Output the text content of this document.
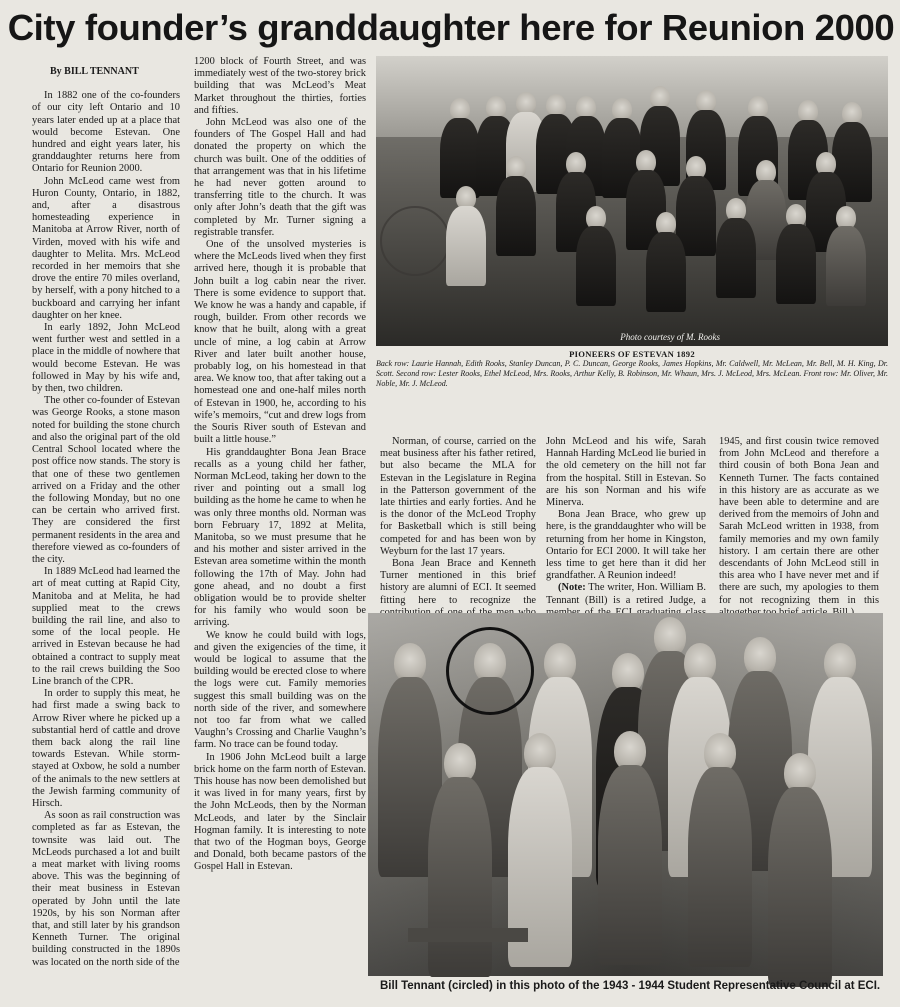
City founder’s granddaughter here for Reunion 2000

By BILL TENNANT

In 1882 one of the co-founders of our city left Ontario and 10 years later ended up at a place that would become Estevan. One hundred and eight years later, his granddaughter returns here from Ontario for Reunion 2000.

John McLeod came west from Huron County, Ontario, in 1882, and, after a disastrous homesteading experience in Manitoba at Arrow River, north of Virden, moved with his wife and daughter to Melita. Mrs. McLeod recorded in her memoirs that she drove the entire 70 miles overland, by herself, with a pony hitched to a buckboard and carrying her infant daughter on her knee.

In early 1892, John McLeod went further west and settled in a place in the middle of nowhere that would become Estevan. He was followed in May by his wife and, by then, two children.

The other co-founder of Estevan was George Rooks, a stone mason noted for building the stone church and also the original part of the old Central School located where the post office now stands. The story is that one of these two gentlemen arrived on a Friday and the other the following Monday, but no one can be certain who arrived first. They are considered the first permanent residents in the area and therefore viewed as co-founders of the city.

In 1889 McLeod had learned the art of meat cutting at Rapid City, Manitoba and at Melita, he had supplied meat to the crews building the rail line, and also to some of the local people. He arrived in Estevan because he had obtained a contract to supply meat to the rail crews building the Soo Line branch of the CPR.

In order to supply this meat, he had first made a swing back to Arrow River where he picked up a substantial herd of cattle and drove them back along the rail line towards Estevan. While storm-stayed at Oxbow, he sold a number of the animals to the new settlers at the Jewish farming community of Hirsch.

As soon as rail construction was completed as far as Estevan, the townsite was laid out. The McLeods purchased a lot and built a meat market with living rooms above. This was the beginning of their meat business in Estevan operated by John until the late 1920s, by his son Norman after that, and still later by his grandson Kenneth Turner. The original building constructed in the 1890s was located on the north side of the

1200 block of Fourth Street, and was immediately west of the two-storey brick building that was McLeod’s Meat Market throughout the thirties, forties and fifties.

John McLeod was also one of the founders of The Gospel Hall and had donated the property on which the church was built. One of the oddities of that arrangement was that in his lifetime he had never gotten around to transferring title to the church. It was only after John’s death that the gift was completed by Mr. Turner signing a registrable transfer.

One of the unsolved mysteries is where the McLeods lived when they first arrived here, though it is probable that John built a log cabin near the river. There is some evidence to support that. We know he was a handy and capable, if rough, builder. From other records we know that he built, along with a great uncle of mine, a log cabin at Arrow River and later built another house, probably log, on his homestead in that area. We know too, that after taking out a homestead one and one-half miles north of Estevan in 1900, he, according to his wife’s memoirs, “cut and drew logs from the Souris River south of Estevan and built a little house.”

His granddaughter Bona Jean Brace recalls as a young child her father, Norman McLeod, taking her down to the river and pointing out a small log building as the home he came to when he was only three months old. Norman was born February 17, 1892 at Melita, Manitoba, so we must presume that he and his mother and sister arrived in the Estevan area sometime within the month following the 17th of May. John had gone ahead, and no doubt a first obligation would be to provide shelter for his family who would soon be arriving.

We know he could build with logs, and given the exigencies of the time, it would be logical to assume that the building would be erected close to where the logs were cut. Family memories suggest this small building was on the north side of the river, and somewhere not too far from what we called Vaughn’s Crossing and Charlie Vaughn’s farm. No trace can be found today.

In 1906 John McLeod built a large brick home on the farm north of Estevan. This house has now been demolished but it was lived in for many years, first by the John McLeods, then by the Norman McLeods, and later by the Sinclair Hogman family. It is interesting to note that two of the Hogman boys, George and Donald, both became pastors of the Gospel Hall in Estevan.

Photo courtesy of M. Rooks
PIONEERS OF ESTEVAN 1892
Back row: Laurie Hannah, Edith Rooks, Stanley Duncan, P. C. Duncan, George Rooks, James Hopkins, Mr. Caldwell, Mr. McLean, Mr. Bell, M. H. King, Dr. Scott. Second row: Lester Rooks, Ethel McLeod, Mrs. Rooks, Arthur Kelly, B. Robinson, Mr. Whaun, Mrs. J. McLeod, Mrs. McLean. Front row: Mr. Oliver, Mr. Noble, Mr. J. McLeod.

Norman, of course, carried on the meat business after his father retired, but also became the MLA for Estevan in the Legislature in Regina in the Patterson government of the late thirties and early forties. And he is the donor of the McLeod Trophy for Basketball which is still being competed for and has been won by Weyburn for the last 17 years.

Bona Jean Brace and Kenneth Turner mentioned in this brief history are alumni of ECI. It seemed fitting here to recognize the

John McLeod and his wife, Sarah Hannah Harding McLeod lie buried in the old cemetery on the hill not far from the hospital. Still in Estevan. So are his son Norman and his wife Minerva.

Bona Jean Brace, who grew up here, is the granddaughter who will be returning from her home in Kingston, Ontario for ECI 2000. It will take her less time to get here than it did her grandfather. A Reunion indeed!

(Note: The writer, Hon. William B. Tennant (Bill) is a retired Judge, a

1945, and first cousin twice removed from John McLeod and therefore a third cousin of both Bona Jean and Kenneth Turner. The facts contained in this history are as accurate as we have been able to determine and are derived from the memoirs of John and Sarah McLeod written in 1938, from family memories and my own family history. I am certain there are other descendants of John McLeod still in this area who I have never met and if there are such, my apologies to them for not recognizing them in this

Bill Tennant (circled) in this photo of the 1943 - 1944 Student Representative Council at ECI.
